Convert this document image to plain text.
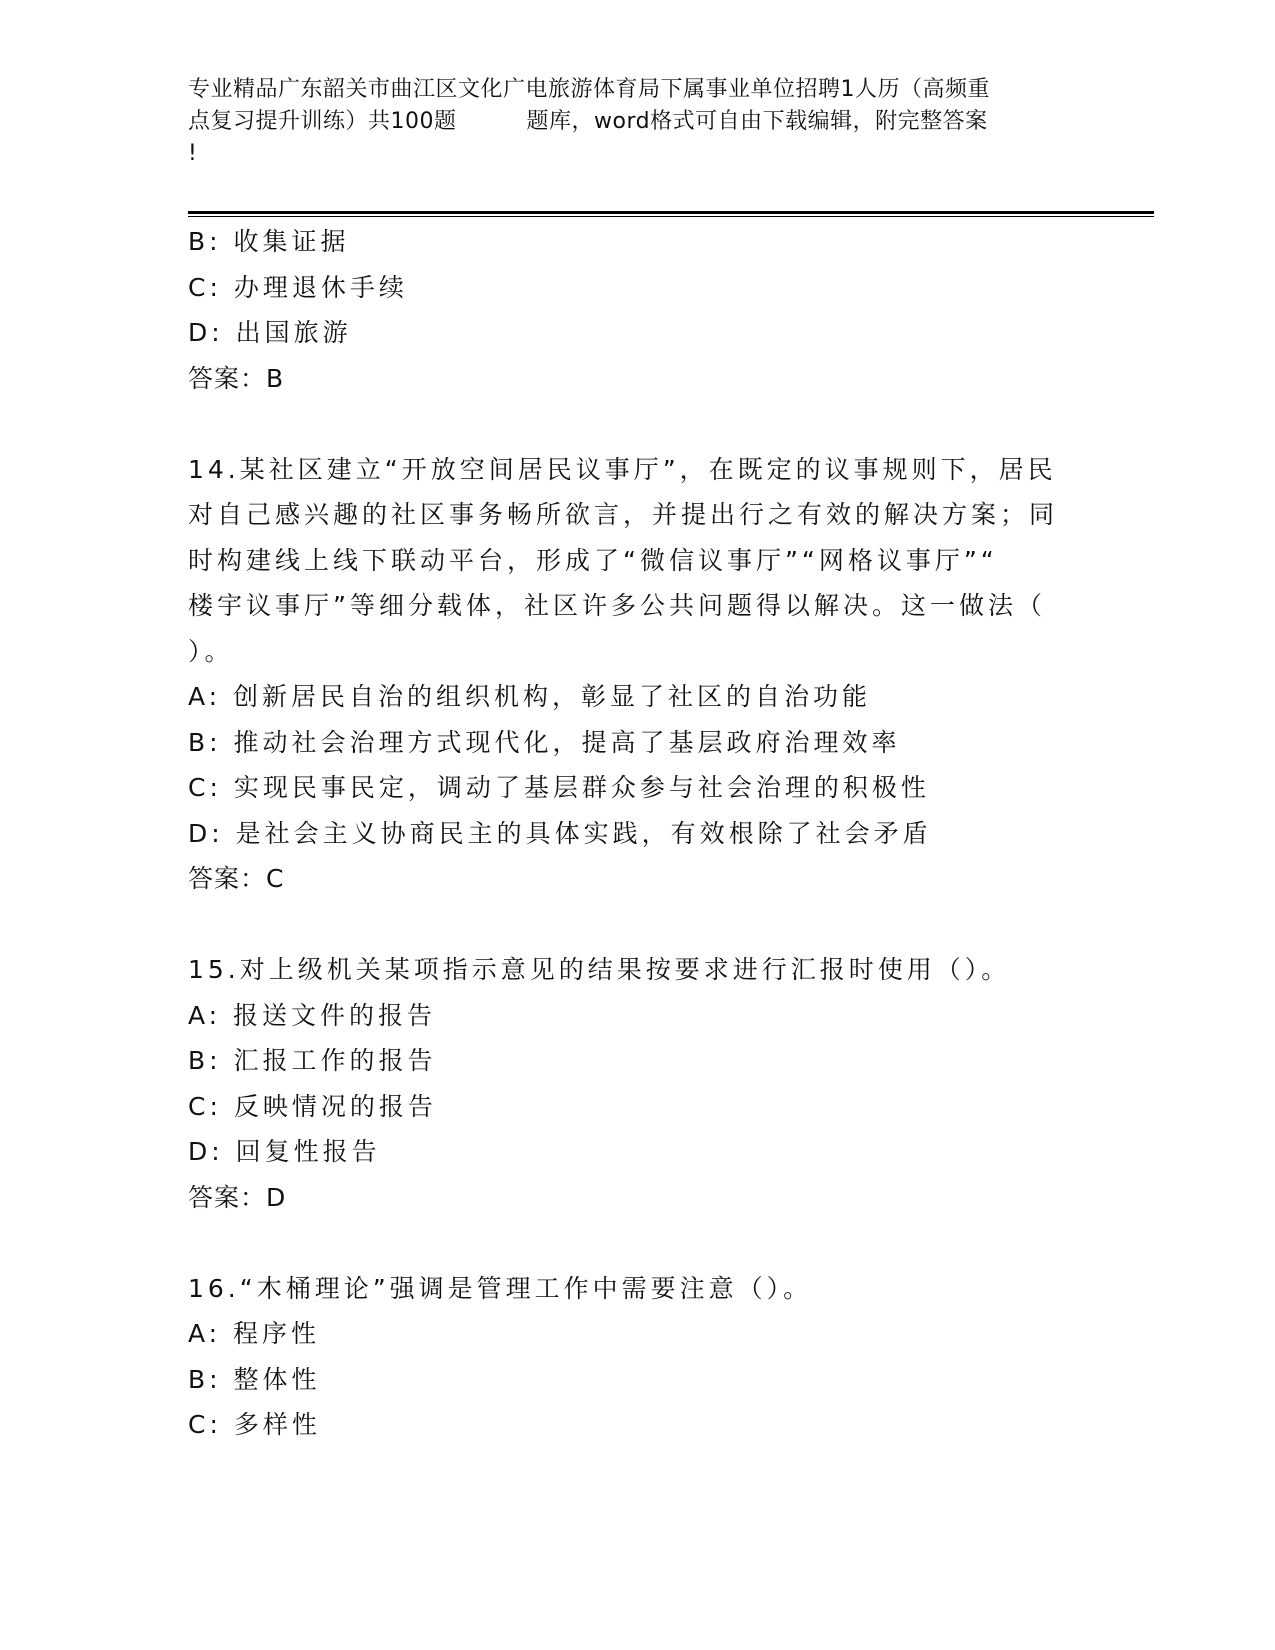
专业精品广东韶关市曲江区文化广电旅游体育局下属事业单位招聘1人历（高频重
点复习提升训练）共100题	题库，word格式可自由下载编辑，附完整答案
!
B: 收集证据
C: 办理退休手续
D: 出国旅游
答案：B
14.某社区建立“开放空间居民议事厅”，在既定的议事规则下，居民
对自己感兴趣的社区事务畅所欲言，并提出行之有效的解决方案；同
时构建线上线下联动平台，形成了“微信议事厅”“网格议事厅”“
楼宇议事厅”等细分载体，社区许多公共问题得以解决。这一做法（
）。
A: 创新居民自治的组织机构，彰显了社区的自治功能
B: 推动社会治理方式现代化，提高了基层政府治理效率
C: 实现民事民定，调动了基层群众参与社会治理的积极性
D: 是社会主义协商民主的具体实践，有效根除了社会矛盾
答案：C
15.对上级机关某项指示意见的结果按要求进行汇报时使用（）。
A: 报送文件的报告
B: 汇报工作的报告
C: 反映情况的报告
D: 回复性报告
答案：D
16.“木桶理论”强调是管理工作中需要注意（）。
A: 程序性
B: 整体性
C: 多样性
